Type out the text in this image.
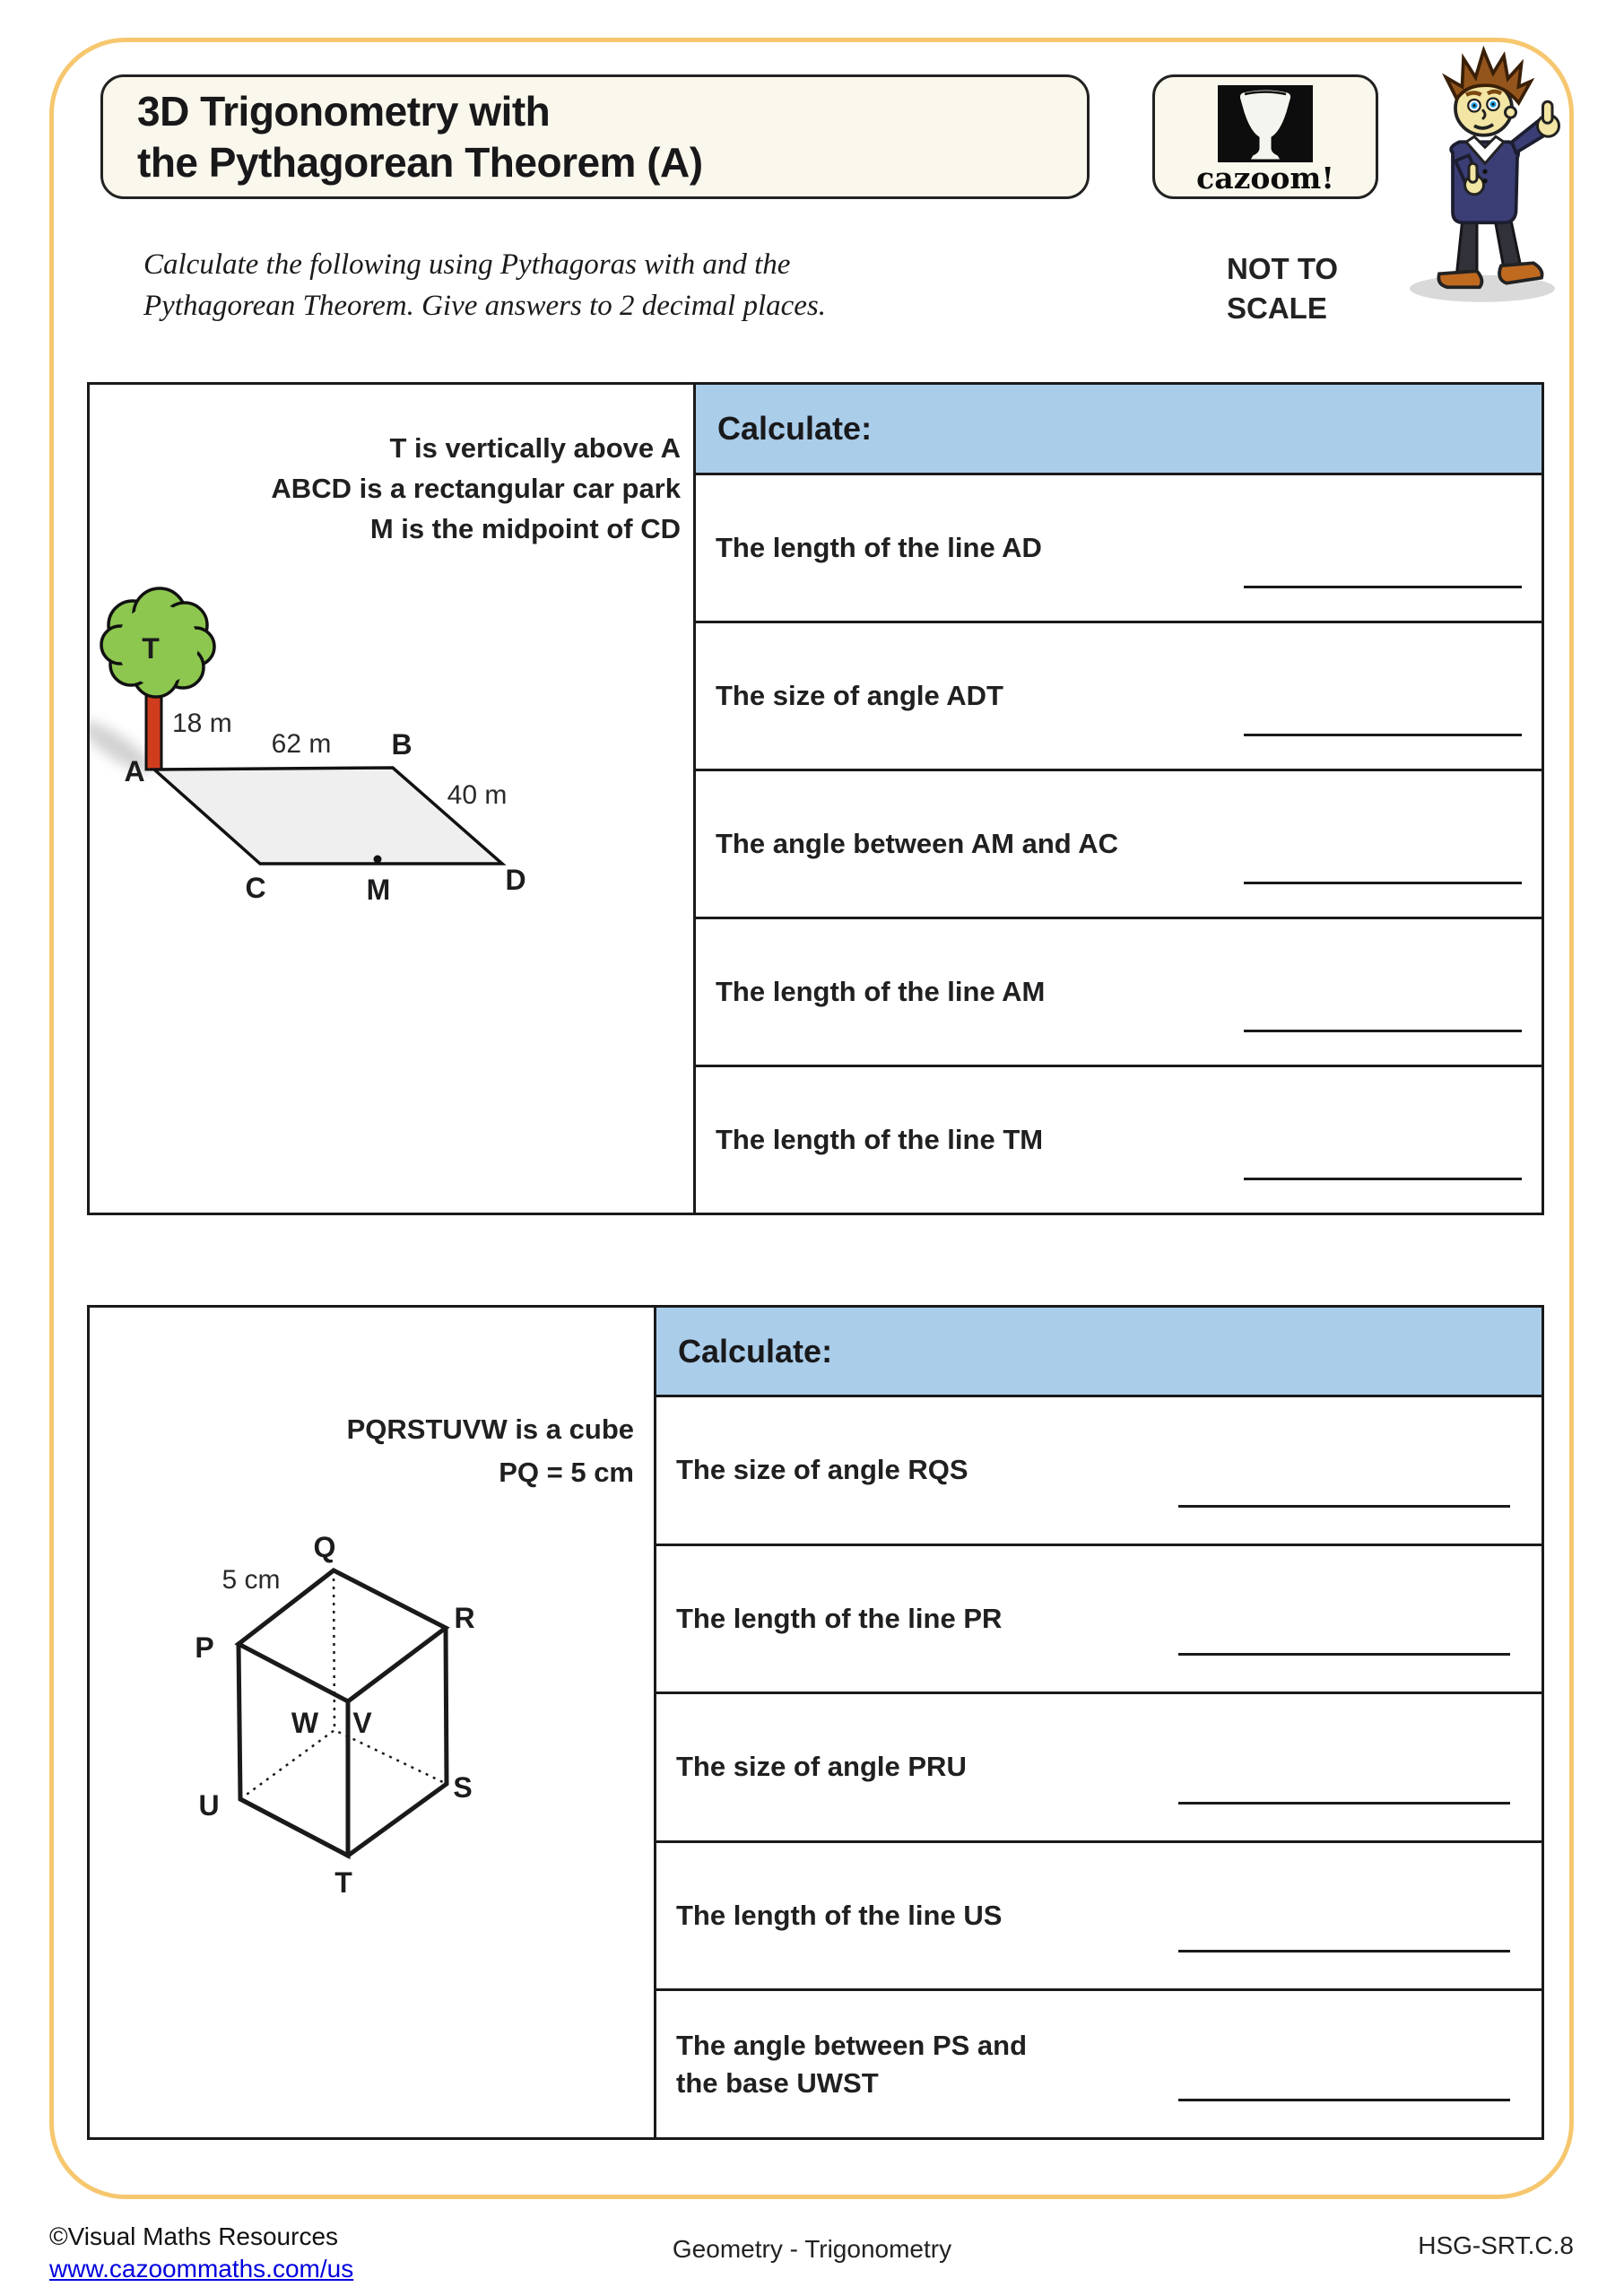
3D Trigonometry with
the Pythagorean Theorem (A)	cazoom!
Calculate the following using Pythagoras with and the
Pythagorean Theorem. Give answers to 2 decimal places.
NOT TO
SCALE
T is vertically above A
ABCD is a rectangular car park
M is the midpoint of CD
T
A
B
C	D
M
18 m
62 m
40 m
Calculate:
The length of the line AD
The size of angle ADT
The angle between AM and AC
The length of the line AM
The length of the line TM
PQRSTUVW is a cube
PQ = 5 cm
Q
P
R
W V
U
S
T
5 cm
Calculate:
The size of angle RQS
The length of the line PR
The size of angle PRU
The length of the line US
The angle between PS and
the base UWST
©Visual Maths Resources
www.cazoommaths.com/us
Geometry - Trigonometry	HSG-SRT.C.8
